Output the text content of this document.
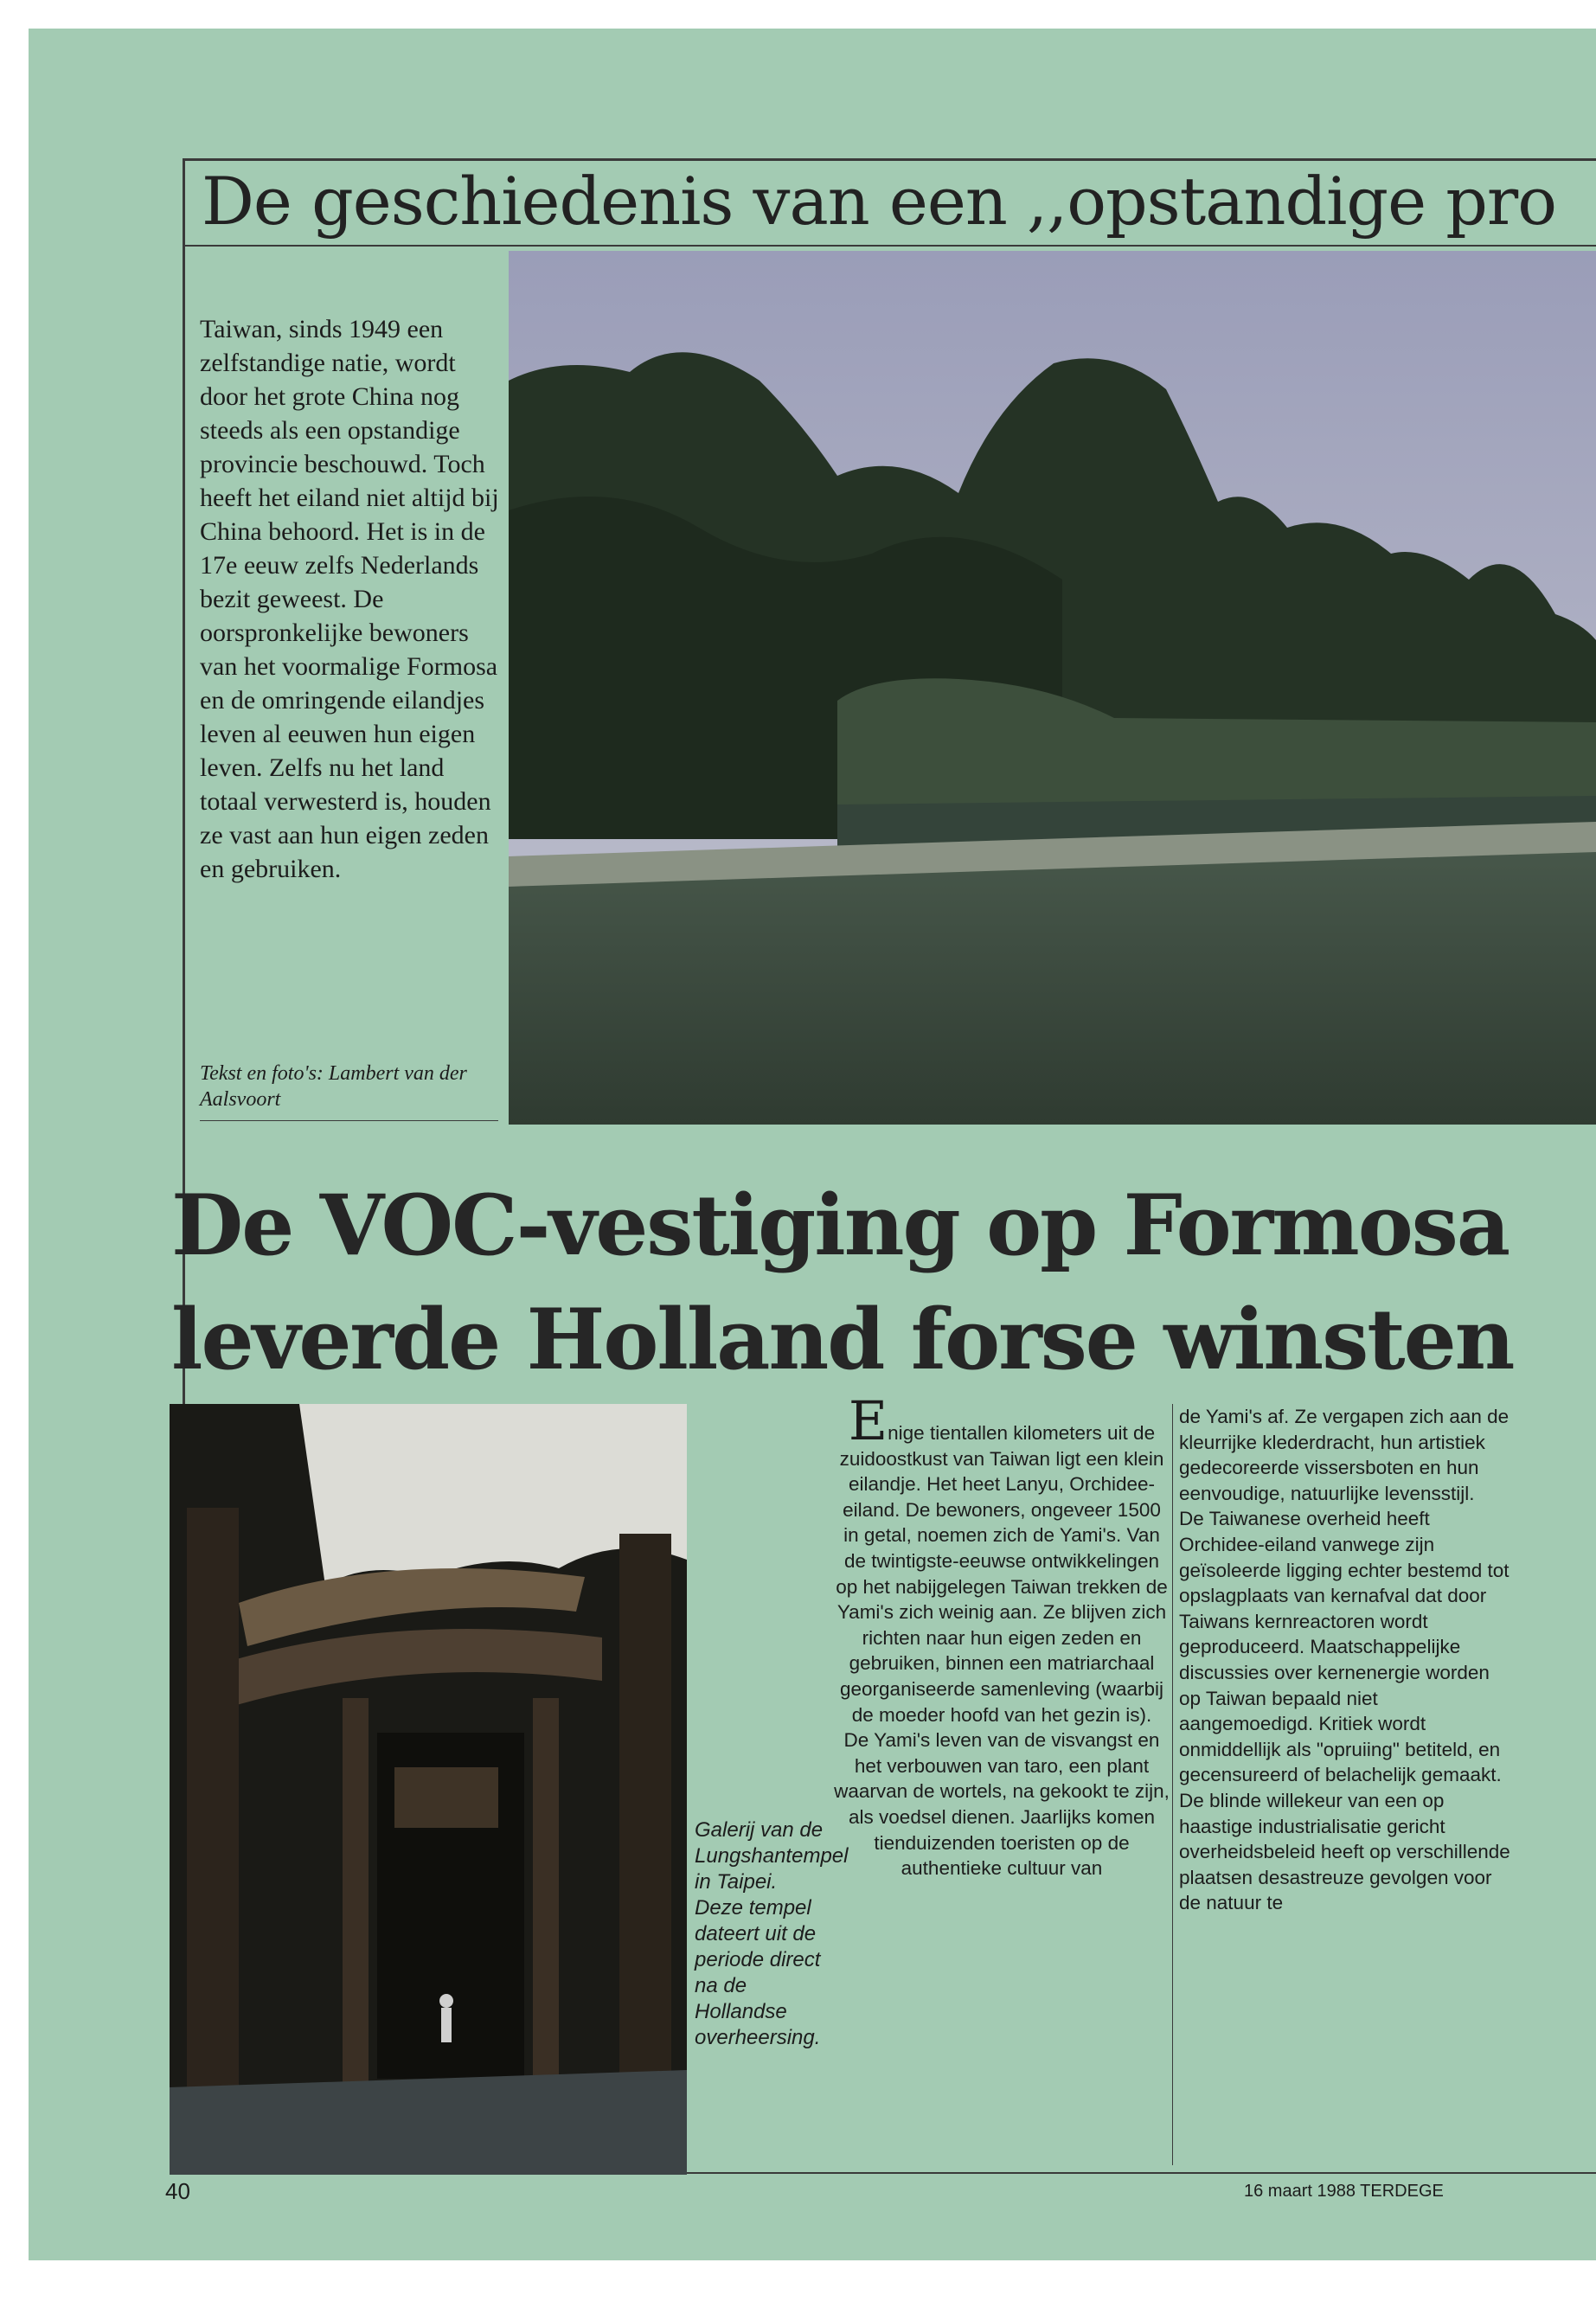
De geschiedenis van een ,,opstandige pro
Taiwan, sinds 1949 een zelfstandige natie, wordt door het grote China nog steeds als een opstandige provincie beschouwd. Toch heeft het eiland niet altijd bij China behoord. Het is in de 17e eeuw zelfs Nederlands bezit geweest. De oorspronkelijke bewoners van het voormalige Formosa en de omringende eilandjes leven al eeuwen hun eigen leven. Zelfs nu het land totaal verwesterd is, houden ze vast aan hun eigen zeden en gebruiken.
Tekst en foto's: Lambert van der Aalsvoort
De VOC-vestiging op Formosa leverde Holland forse winsten
Galerij van de Lungshantempel in Taipei. Deze tempel dateert uit de periode direct na de Hollandse overheersing.
Enige tientallen kilometers uit de zuidoostkust van Taiwan ligt een klein eilandje. Het heet Lanyu, Orchidee-eiland. De bewoners, ongeveer 1500 in getal, noemen zich de Yami's. Van de twintigste-eeuwse ontwikkelingen op het nabijgelegen Taiwan trekken de Yami's zich weinig aan. Ze blijven zich richten naar hun eigen zeden en gebruiken, binnen een matriarchaal georganiseerde samenleving (waarbij de moeder hoofd van het gezin is).
De Yami's leven van de visvangst en het verbouwen van taro, een plant waarvan de wortels, na gekookt te zijn, als voedsel dienen. Jaarlijks komen tienduizenden toeristen op de authentieke cultuur van
de Yami's af. Ze vergapen zich aan de kleurrijke klederdracht, hun artistiek gedecoreerde vissersboten en hun eenvoudige, natuurlijke levensstijl.
De Taiwanese overheid heeft Orchidee-eiland vanwege zijn geïsoleerde ligging echter bestemd tot opslagplaats van kernafval dat door Taiwans kernreactoren wordt geproduceerd. Maatschappelijke discussies over kernenergie worden op Taiwan bepaald niet aangemoedigd. Kritiek wordt onmiddellijk als "opruiing" betiteld, en gecensureerd of belachelijk gemaakt. De blinde willekeur van een op haastige industrialisatie gericht overheidsbeleid heeft op verschillende plaatsen desastreuze gevolgen voor de natuur te
40	16 maart 1988 TERDEGE
